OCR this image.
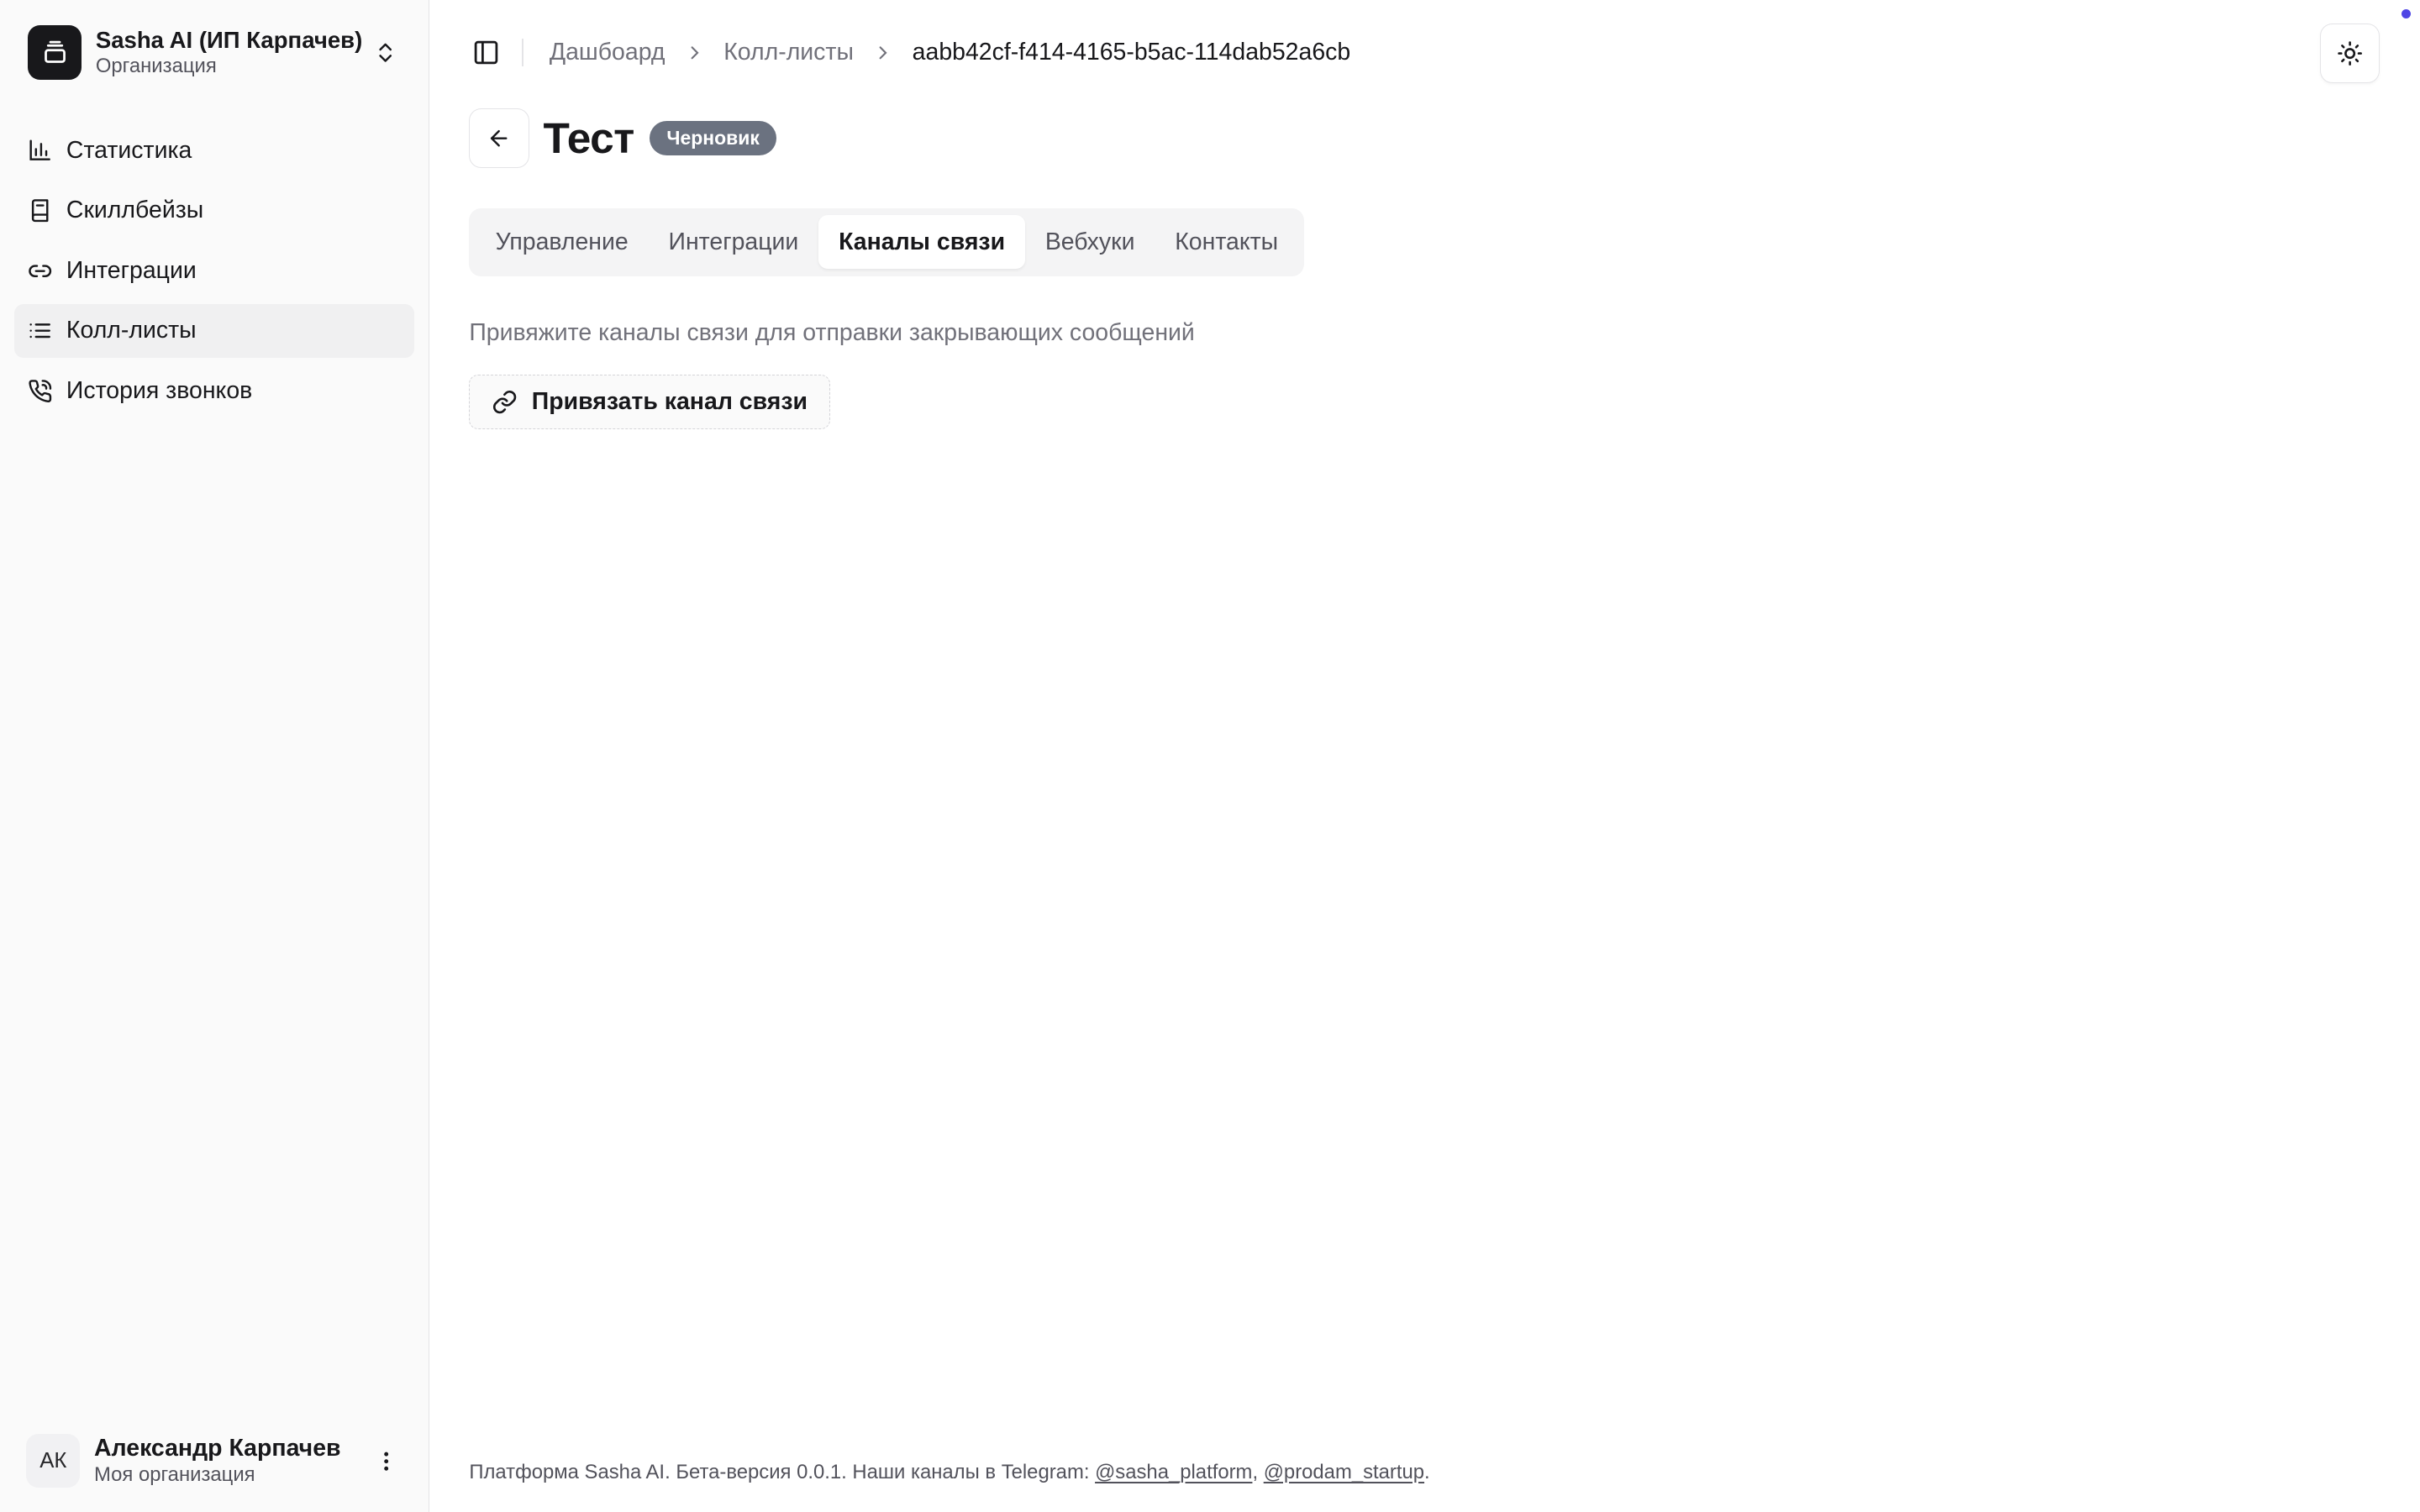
Sasha AI (ИП Карпачев)
Организация
Статистика
Скиллбейзы
Интеграции
Колл-листы
История звонков
АК	Александр Карпачев
Моя организация
Дашбоард	Колл-листы	aabb42cf-f414-4165-b5ac-114dab52a6cb
Тест	Черновик
Управление	Интеграции	Каналы связи	Вебхуки	Контакты

Привяжите каналы связи для отправки закрывающих сообщений

Привязать канал связи
Платформа Sasha AI. Бета-версия 0.0.1. Наши каналы в Telegram: @sasha_platform, @prodam_startup.
